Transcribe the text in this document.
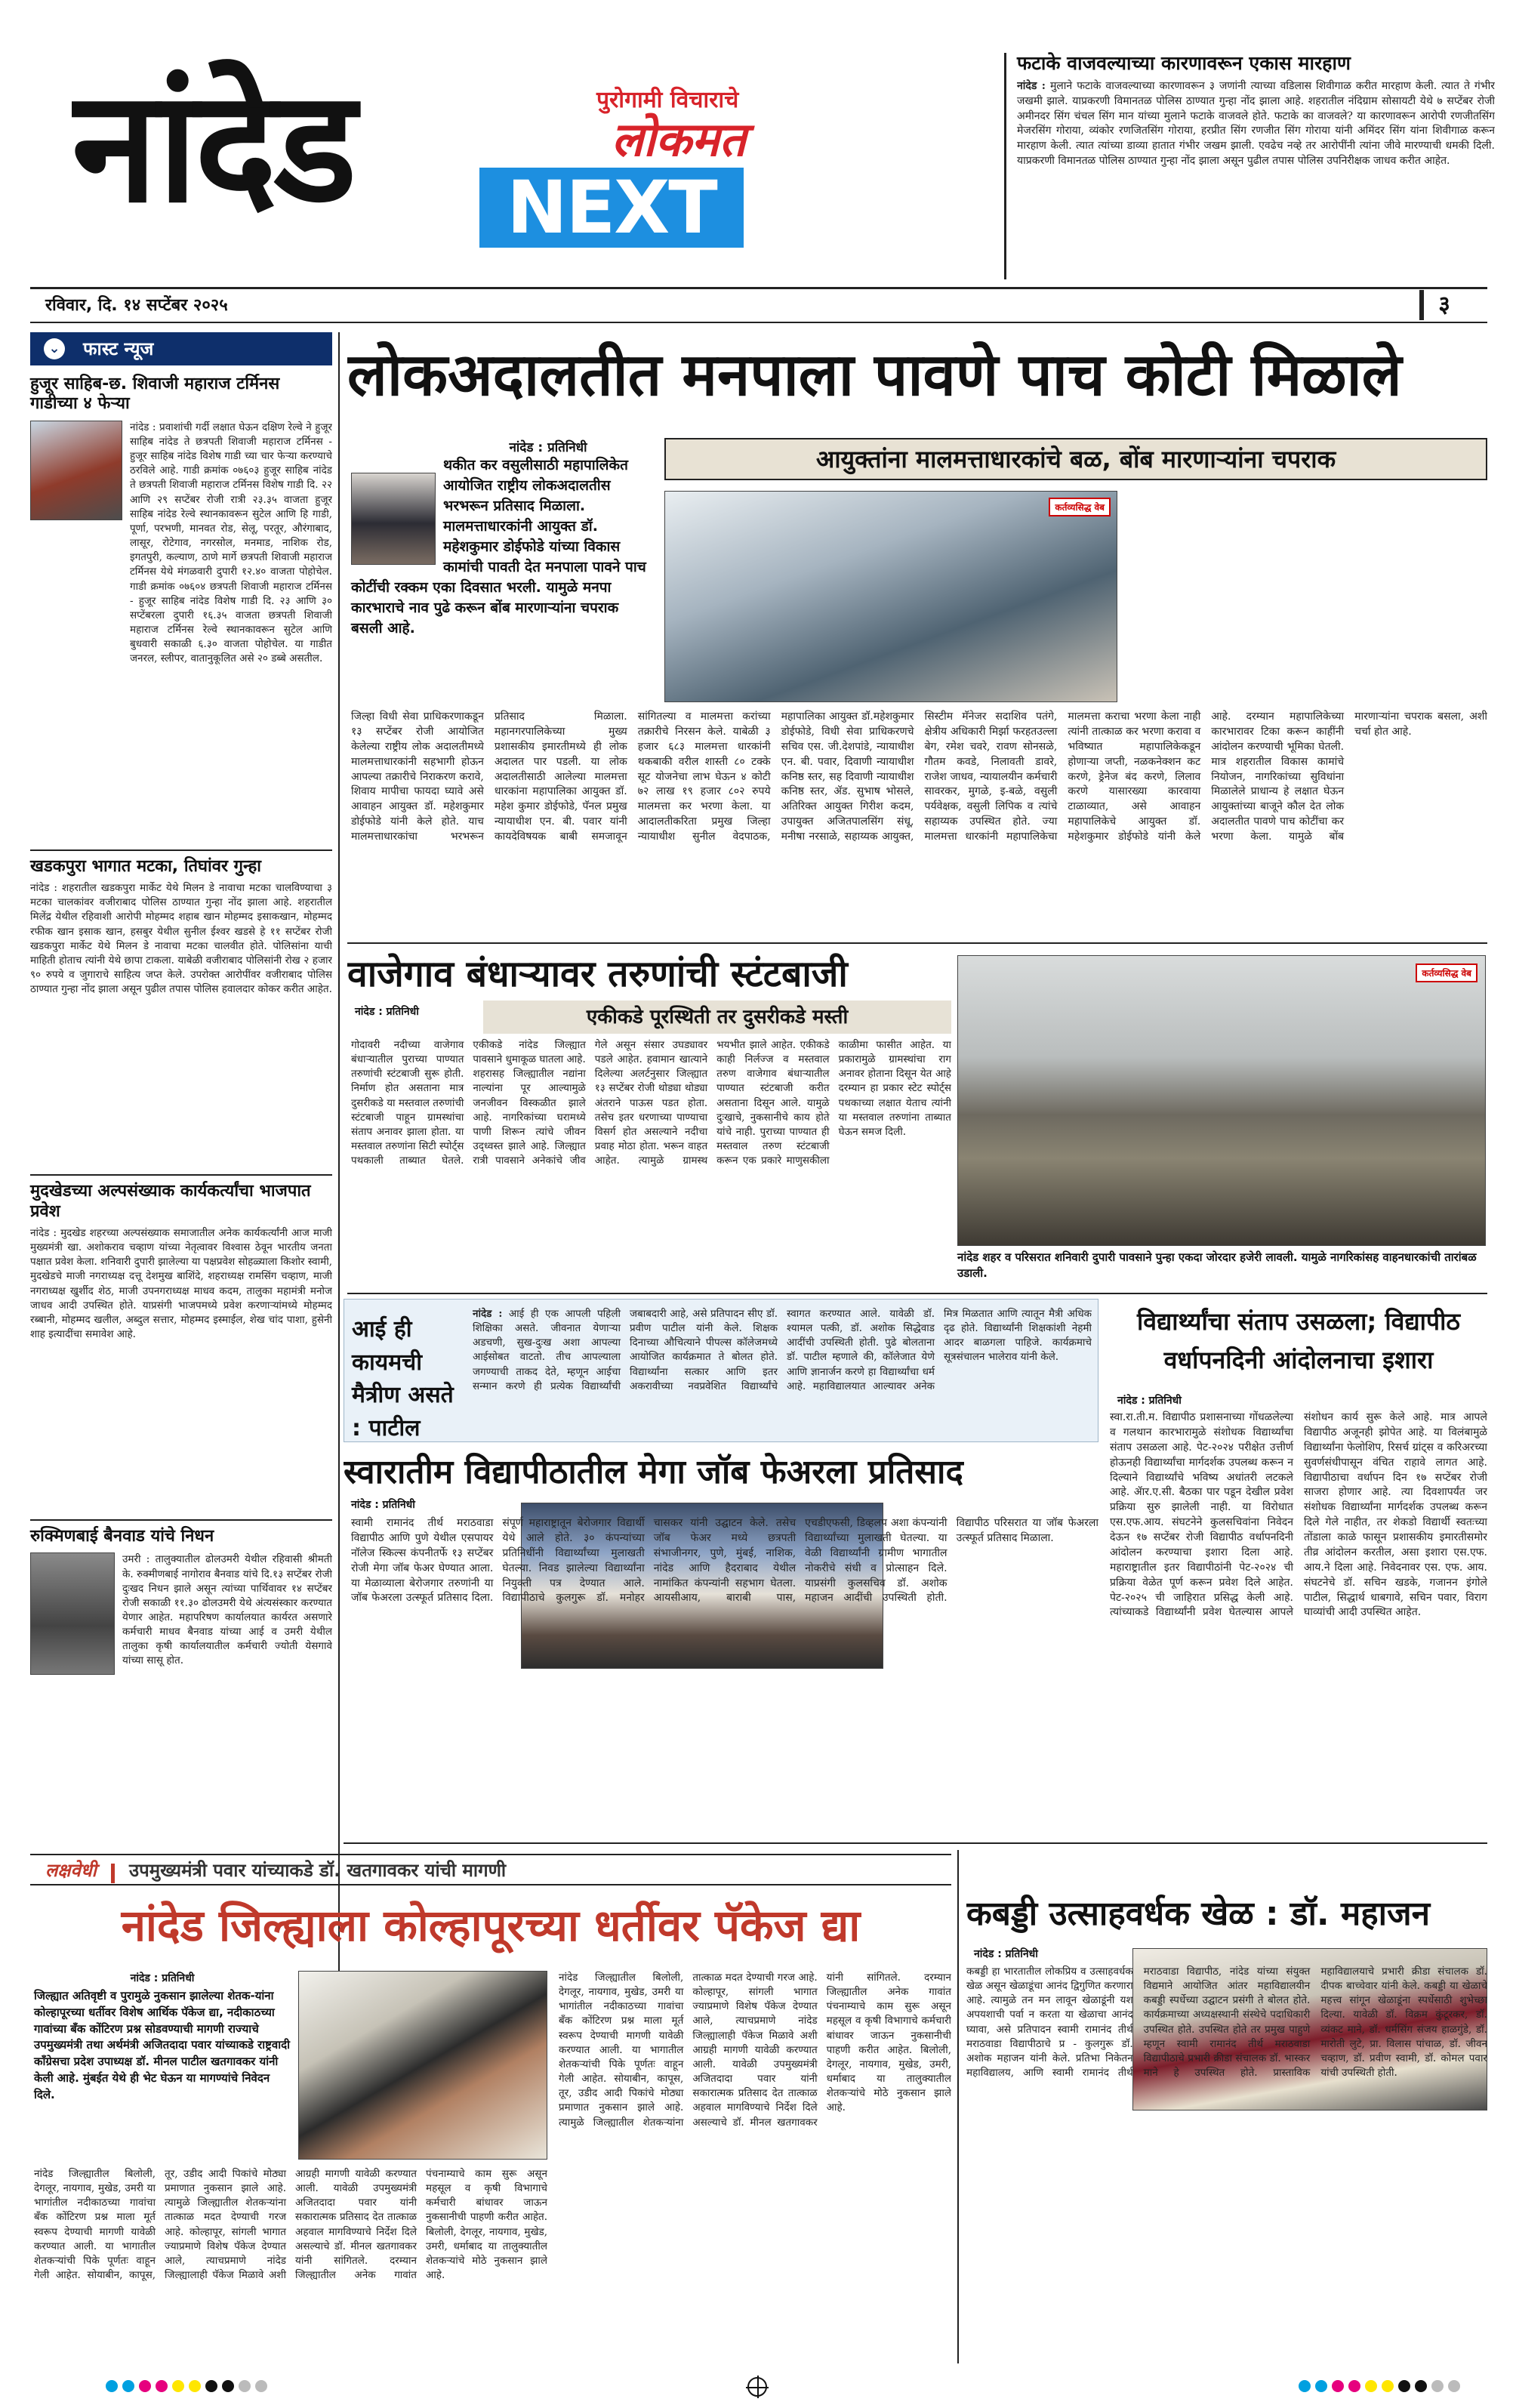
नांदेड	पुरोगामी विचाराचे
लोकमत
NEXT
फटाके वाजवल्याच्या कारणावरून एकास मारहाण
नांदेड : मुलाने फटाके वाजवल्याच्या कारणावरून ३ जणांनी त्याच्या वडिलास शिवीगाळ करीत मारहाण केली. त्यात ते गंभीर जखमी झाले. याप्रकरणी विमानतळ पोलिस ठाण्यात गुन्हा नोंद झाला आहे. शहरातील नंदिग्राम सोसायटी येथे ७ सप्टेंबर रोजी अमीनदर सिंग चंचल सिंग मान यांच्या मुलाने फटाके वाजवले होते. फटाके का वाजवले? या कारणावरून आरोपी रणजीतसिंग मेजरसिंग गोराया, व्यंकोर रणजितसिंग गोराया, हरप्रीत सिंग रणजीत सिंग गोराया यांनी अमिंदर सिंग यांना शिवीगाळ करून मारहाण केली. त्यात त्यांच्या डाव्या हातात गंभीर जखम झाली. एवढेच नव्हे तर आरोपींनी त्यांना जीवे मारण्याची धमकी दिली. याप्रकरणी विमानतळ पोलिस ठाण्यात गुन्हा नोंद झाला असून पुढील तपास पोलिस उपनिरीक्षक जाधव करीत आहेत.
रविवार, दि. १४ सप्टेंबर २०२५	३
⌄ फास्ट न्यूज
हुजूर साहिब-छ. शिवाजी महाराज टर्मिनस गाडीच्या ४ फेऱ्या
नांदेड : प्रवाशांची गर्दी लक्षात घेऊन दक्षिण रेल्वे ने हुजूर साहिब नांदेड ते छत्रपती शिवाजी महाराज टर्मिनस - हुजूर साहिब नांदेड विशेष गाडी च्या चार फेऱ्या करण्याचे ठरविले आहे. गाडी क्रमांक ०७६०३ हुजूर साहिब नांदेड ते छत्रपती शिवाजी महाराज टर्मिनस विशेष गाडी दि. २२ आणि २९ सप्टेंबर रोजी रात्री २३.३५ वाजता हुजूर साहिब नांदेड रेल्वे स्थानकावरून सुटेल आणि हि गाडी, पूर्णा, परभणी, मानवत रोड, सेलू, परतूर, औरंगाबाद, लासूर, रोटेगाव, नगरसोल, मनमाड, नाशिक रोड, इगतपुरी, कल्याण, ठाणे मार्गे छत्रपती शिवाजी महाराज टर्मिनस येथे मंगळवारी दुपारी १२.४० वाजता पोहोचेल. गाडी क्रमांक ०७६०४ छत्रपती शिवाजी महाराज टर्मिनस - हुजूर साहिब नांदेड विशेष गाडी दि. २३ आणि ३० सप्टेंबरला दुपारी १६.३५ वाजता छत्रपती शिवाजी महाराज टर्मिनस रेल्वे स्थानकावरून सुटेल आणि बुधवारी सकाळी ६.३० वाजता पोहोचेल. या गाडीत जनरल, स्लीपर, वातानुकूलित असे २० डब्बे असतील.
खडकपुरा भागात मटका, तिघांवर गुन्हा
नांदेड : शहरातील खडकपुरा मार्केट येथे मिलन डे नावाचा मटका चालविण्याचा ३ मटका चालकांवर वजीराबाद पोलिस ठाण्यात गुन्हा नोंद झाला आहे. शहरातील मिलेंद्र येथील रहिवाशी आरोपी मोहम्मद शहाब खान मोहम्मद इसाकखान, मोहम्मद रफीक खान इसाक खान, हसबुर येथील सुनील ईश्वर खडसे हे ११ सप्टेंबर रोजी खडकपुरा मार्केट येथे मिलन डे नावाचा मटका चालवीत होते. पोलिसांना याची माहिती होताच त्यांनी येथे छापा टाकला. याबेळी वजीराबाद पोलिसांनी रोख २ हजार ९० रुपये व जुगाराचे साहित्य जप्त केले. उपरोक्त आरोपींवर वजीराबाद पोलिस ठाण्यात गुन्हा नोंद झाला असून पुढील तपास पोलिस हवालदार कोकर करीत आहेत.
मुदखेडच्या अल्पसंख्याक कार्यकर्त्यांचा भाजपात प्रवेश
नांदेड : मुदखेड शहरच्या अल्पसंख्याक समाजातील अनेक कार्यकर्त्यांनी आज माजी मुख्यमंत्री खा. अशोकराव चव्हाण यांच्या नेतृत्वावर विश्वास ठेवून भारतीय जनता पक्षात प्रवेश केला. शनिवारी दुपारी झालेल्या या पक्षप्रवेश सोहळ्याला किशोर स्वामी, मुदखेडचे माजी नगराध्यक्ष दत्तू देशमुख बाशिंदे, शहराध्यक्ष रामसिंग चव्हाण, माजी नगराध्यक्ष खुर्शीद शेठ, माजी उपनगराध्यक्ष माधव कदम, तालुका महामंत्री मनोज जाधव आदी उपस्थित होते. याप्रसंगी भाजपमध्ये प्रवेश करणाऱ्यांमध्ये मोहम्मद रब्बानी, मोहम्मद खलील, अब्दुल सत्तार, मोहम्मद इस्माईल, शेख चांद पाशा, हुसेनी शाह इत्यादींचा समावेश आहे.
रुक्मिणबाई बैनवाड यांचे निधन
उमरी : तालुक्यातील ढोलउमरी येथील रहिवासी श्रीमती के. रुक्मीणबाई नागोराव बैनवाड यांचे दि.१३ सप्टेंबर रोजी दुःखद निधन झाले असून त्यांच्या पार्थिवावर १४ सप्टेंबर रोजी सकाळी ११.३० ढोलउमरी येथे अंत्यसंस्कार करण्यात येणार आहेत. महापरिषण कार्यालयात कार्यरत असणारे कर्मचारी माधव बैनवाड यांच्या आई व उमरी येथील तालुका कृषी कार्यालयातील कर्मचारी ज्योती येसगावे यांच्या सासू होत.
लोकअदालतीत मनपाला पावणे पाच कोटी मिळाले
नांदेड : प्रतिनिधी
थकीत कर वसुलीसाठी महापालिकेत आयोजित राष्ट्रीय लोकअदालतीस भरभरून प्रतिसाद मिळाला. मालमत्ताधारकांनी आयुक्त डॉ. महेशकुमार डोईफोडे यांच्या विकास कामांची पावती देत मनपाला पावने पाच कोटींची रक्कम एका दिवसात भरली. यामुळे मनपा कारभाराचे नाव पुढे करून बोंब मारणाऱ्यांना चपराक बसली आहे.
आयुक्तांना मालमत्ताधारकांचे बळ, बोंब मारणाऱ्यांना चपराक
कर्तव्यसिद्ध वेब
जिल्हा विधी सेवा प्राधिकरणाकडून १३ सप्टेंबर रोजी आयोजित केलेल्या राष्ट्रीय लोक अदालतीमध्ये मालमत्ताधारकांनी सहभागी होऊन आपल्या तक्रारीचे निराकरण करावे, शिवाय मापीचा फायदा घ्यावे असे आवाहन आयुक्त डॉ. महेशकुमार डोईफोडे यांनी केले होते. याच मालमत्ताधारकांचा भरभरून प्रतिसाद मिळाला. महानगरपालिकेच्या मुख्य प्रशासकीय इमारतीमध्ये ही लोक अदालत पार पडली. या लोक अदालतीसाठी आलेल्या मालमत्ता धारकांना महापालिका आयुक्त डॉ. महेश कुमार डोईफोडे, पॅनल प्रमुख न्यायाधीश एन. बी. पवार यांनी कायदेविषयक बाबी समजावून सांगितल्या व मालमत्ता करांच्या तक्रारीचे निरसन केले. याबेळी ३ हजार ६८३ मालमत्ता धारकांनी थकबाकी वरील शास्ती ८० टक्के सूट योजनेचा लाभ घेऊन ४ कोटी ७२ लाख १९ हजार ८०२ रुपये मालमत्ता कर भरणा केला. या आदालतीकरिता प्रमुख जिल्हा न्यायाधीश सुनील वेदपाठक, महापालिका आयुक्त डॉ.महेशकुमार डोईफोडे, विधी सेवा प्राधिकरणचे सचिव एस. जी.देशपांडे, न्यायाधीश एन. बी. पवार, दिवाणी न्यायाधीश कनिष्ठ स्तर, सह दिवाणी न्यायाधीश कनिष्ठ स्तर, ॲड. सुभाष भोसले, अतिरिक्त आयुक्त गिरीश कदम, उपायुक्त अजितपालसिंग संधू, मनीषा नरसाळे, सहाय्यक आयुक्त, सिस्टीम मॅनेजर सदाशिव पतंगे, क्षेत्रीय अधिकारी मिर्झा फरहतउल्ला बेग, रमेश चवरे, रावण सोनसळे, गौतम कवडे, निलावती डावरे, राजेश जाधव, न्यायालयीन कर्मचारी सावरकर, मुगळे, इ-बळे, वसुली पर्यवेक्षक, वसुली लिपिक व त्यांचे सहाय्यक उपस्थित होते. ज्या मालमत्ता धारकांनी महापालिकेचा मालमत्ता कराचा भरणा केला नाही त्यांनी तात्काळ कर भरणा करावा व भविष्यात महापालिकेकडून होणाऱ्या जप्ती, नळकनेक्शन कट करणे, ड्रेनेज बंद करणे, लिलाव करणे यासारख्या कारवाया टाळाव्यात, असे आवाहन महापालिकेचे आयुक्त डॉ. महेशकुमार डोईफोडे यांनी केले आहे. दरम्यान महापालिकेच्या कारभारावर टिका करून काहींनी आंदोलन करण्याची भूमिका घेतली. मात्र शहरातील विकास कामांचे नियोजन, नागरिकांच्या सुविधांना मिळालेले प्राधान्य हे लक्षात घेऊन आयुक्तांच्या बाजूने कौल देत लोक अदालतीत पावणे पाच कोटींचा कर भरणा केला. यामुळे बोंब मारणाऱ्यांना चपराक बसला, अशी चर्चा होत आहे.
वाजेगाव बंधाऱ्यावर तरुणांची स्टंटबाजी
नांदेड : प्रतिनिधी	एकीकडे पूरस्थिती तर दुसरीकडे मस्ती
गोदावरी नदीच्या वाजेगाव बंधाऱ्यातील पुराच्या पाण्यात तरुणांची स्टंटबाजी सुरू होती. निर्माण होत असताना मात्र दुसरीकडे या मस्तवाल तरुणांची स्टंटबाजी पाहून ग्रामस्थांचा संताप अनावर झाला होता. या मस्तवाल तरुणांना सिटी स्पोर्ट्स पथकाली ताब्यात घेतले. एकीकडे नांदेड जिल्ह्यात पावसाने धुमाकूळ घातला आहे. शहरासह जिल्ह्यातील नद्यांना नाल्यांना पूर आल्यामुळे जनजीवन विस्कळीत झाले आहे. नागरिकांच्या घरामध्ये पाणी शिरून त्यांचे जीवन उद्ध्वस्त झाले आहे. जिल्ह्यात रात्री पावसाने अनेकांचे जीव गेले असून संसार उघड्यावर पडले आहेत. हवामान खात्याने दिलेल्या अलर्टनुसार जिल्ह्यात १३ सप्टेंबर रोजी थोड्या थोड्या अंतराने पाऊस पडत होता. तसेच इतर धरणाच्या पाण्याचा विसर्ग होत असल्याने नदीचा प्रवाह मोठा होता. भरून वाहत आहेत. त्यामुळे ग्रामस्थ भयभीत झाले आहेत. एकीकडे काही निर्लज्ज व मस्तवाल तरुण वाजेगाव बंधाऱ्यातील पाण्यात स्टंटबाजी करीत असताना दिसून आले. यामुळे दुःखाचे, नुकसानीचे काय होते यांचे नाही. पुराच्या पाण्यात ही मस्तवाल तरुण स्टंटबाजी करून एक प्रकारे माणुसकीला काळीमा फासीत आहेत. या प्रकारामुळे ग्रामस्थांचा राग अनावर होताना दिसून येत आहे दरम्यान हा प्रकार स्टेट स्पोर्ट्स पथकाच्या लक्षात येताच त्यांनी या मस्तवाल तरुणांना ताब्यात घेऊन समज दिली.
कर्तव्यसिद्ध वेब
नांदेड शहर व परिसरात शनिवारी दुपारी पावसाने पुन्हा एकदा जोरदार हजेरी लावली. यामुळे नागरिकांसह वाहनधारकांची तारांबळ उडाली.
आई ही कायमची मैत्रीण असते : पाटील
नांदेड : आई ही एक आपली पहिली शिक्षिका असते. जीवनात येणाऱ्या अडचणी, सुख-दुःख अशा आपल्या आईसोबत वाटतो. तीच आपल्याला जगण्याची ताकद देते, म्हणून आईचा सन्मान करणे ही प्रत्येक विद्यार्थ्यांची जबाबदारी आहे, असे प्रतिपादन सीए डॉ. प्रवीण पाटील यांनी केले. शिक्षक दिनाच्या औचित्याने पीपल्स कॉलेजमध्ये आयोजित कार्यक्रमात ते बोलत होते. विद्यार्थ्यांना सत्कार आणि इतर अकरावीच्या नवप्रवेशित विद्यार्थ्यांचे स्वागत करण्यात आले. यावेळी डॉ. श्यामल पत्की, डॉ. अशोक सिद्धेवाड आदींची उपस्थिती होती. पुढे बोलताना डॉ. पाटील म्हणाले की, कॉलेजात येणे आणि ज्ञानार्जन करणे हा विद्यार्थ्यांचा धर्म आहे. महाविद्यालयात आल्यावर अनेक मित्र मिळतात आणि त्यातून मैत्री अधिक दृढ होते. विद्यार्थ्यांनी शिक्षकांशी नेहमी आदर बाळगला पाहिजे. कार्यक्रमाचे सूत्रसंचालन भालेराव यांनी केले.
विद्यार्थ्यांचा संताप उसळला; विद्यापीठ वर्धापनदिनी आंदोलनाचा इशारा
नांदेड : प्रतिनिधी
स्वा.रा.ती.म. विद्यापीठ प्रशासनाच्या गोंधळलेल्या व गलथान कारभारामुळे संशोधक विद्यार्थ्यांचा संताप उसळला आहे. पेट-२०२४ परीक्षेत उत्तीर्ण होऊनही विद्यार्थ्यांचा मार्गदर्शक उपलब्ध करून न दिल्याने विद्यार्थ्यांचे भविष्य अधांतरी लटकले आहे. ॲार.ए.सी. बैठका पार पडून देखील प्रवेश प्रक्रिया सुरु झालेली नाही. या विरोधात एस.एफ.आय. संघटनेने कुलसचिवांना निवेदन देऊन १७ सप्टेंबर रोजी विद्यापीठ वर्धापनदिनी आंदोलन करण्याचा इशारा दिला आहे. महाराष्ट्रातील इतर विद्यापीठांनी पेट-२०२४ ची प्रक्रिया वेळेत पूर्ण करून प्रवेश दिले आहेत. पेट-२०२५ ची जाहिरात प्रसिद्ध केली आहे. त्यांच्याकडे विद्यार्थ्यांनी प्रवेश घेतल्यास आपले संशोधन कार्य सुरू केले आहे. मात्र आपले विद्यापीठ अजूनही झोपेत आहे. या विलंबामुळे विद्यार्थ्यांना फेलोशिप, रिसर्च ग्रांट्स व करिअरच्या सुवर्णसंधीपासून वंचित राहावे लागत आहे. विद्यापीठाचा वर्धापन दिन १७ सप्टेंबर रोजी साजरा होणार आहे. त्या दिवशापर्यंत जर संशोधक विद्यार्थ्यांना मार्गदर्शक उपलब्ध करून दिले गेले नाहीत, तर शेकडो विद्यार्थी स्वतःच्या तोंडाला काळे फासून प्रशासकीय इमारतीसमोर तीव्र आंदोलन करतील, असा इशारा एस.एफ. आय.ने दिला आहे. निवेदनावर एस. एफ. आय. संघटनेचे डॉ. सचिन खडके, गजानन इंगोले पाटील, सिद्धार्थ धाबगावे, सचिन पवार, विराग घाव्यांची आदी उपस्थित आहेत.
स्वारातीम विद्यापीठातील मेगा जॉब फेअरला प्रतिसाद
नांदेड : प्रतिनिधी
स्वामी रामानंद तीर्थ मराठवाडा विद्यापीठ आणि पुणे येथील एसपायर नॉलेज स्किल्स कंपनीतर्फे १३ सप्टेंबर रोजी मेगा जॉब फेअर घेण्यात आला. या मेळाव्याला बेरोजगार तरुणांनी या जॉब फेअरला उत्स्फूर्त प्रतिसाद दिला. संपूर्ण महाराष्ट्रातून बेरोजगार विद्यार्थी येथे आले होते. ३० कंपन्यांच्या प्रतिनिधींनी विद्यार्थ्यांच्या मुलाखती घेतल्या. निवड झालेल्या विद्यार्थ्यांना नियुक्ती पत्र देण्यात आले. विद्यापीठाचे कुलगुरू डॉ. मनोहर चासकर यांनी उद्घाटन केले. तसेच जॉब फेअर मध्ये छत्रपती संभाजीनगर, पुणे, मुंबई, नाशिक, नांदेड आणि हैदराबाद येथील नामांकित कंपन्यांनी सहभाग घेतला. आयसीआय, बाराबी पास, एचडीएफसी, डिव्हलप अशा कंपन्यांनी विद्यार्थ्यांच्या मुलाखती घेतल्या. या वेळी विद्यार्थ्यांनी ग्रामीण भागातील नोकरीचे संधी व प्रोत्साहन दिले. याप्रसंगी कुलसचिव डॉ. अशोक महाजन आदींची उपस्थिती होती. विद्यापीठ परिसरात या जॉब फेअरला उत्स्फूर्त प्रतिसाद मिळाला.
लक्षवेधी उपमुख्यमंत्री पवार यांच्याकडे डॉ. खतगावकर यांची मागणी
नांदेड जिल्ह्याला कोल्हापूरच्या धर्तीवर पॅकेज द्या
नांदेड : प्रतिनिधी
जिल्ह्यात अतिवृष्टी व पुरामुळे नुकसान झालेल्या शेतक-यांना कोल्हापूरच्या धर्तीवर विशेष आर्थिक पॅकेज द्या, नदीकाठच्या गावांच्या बँक कोंटिरण प्रश्न सोडवण्याची मागणी राज्याचे उपमुख्यमंत्री तथा अर्थमंत्री अजितदादा पवार यांच्याकडे राष्ट्रवादी काँग्रेसचा प्रदेश उपाध्यक्ष डॉ. मीनल पाटील खतगावकर यांनी केली आहे. मुंबईत येथे ही भेट घेऊन या मागण्यांचे निवेदन दिले.
नांदेड जिल्ह्यातील बिलोली, देगलूर, नायगाव, मुखेड, उमरी या भागांतील नदीकाठच्या गावांचा बँक कोंटिरण प्रश्न माला मूर्त स्वरूप देण्याची मागणी यावेळी करण्यात आली. या भागातील शेतकऱ्यांची पिके पूर्णतः वाहून गेली आहेत. सोयाबीन, कापूस, तूर, उडीद आदी पिकांचे मोठ्या प्रमाणात नुकसान झाले आहे. त्यामुळे जिल्ह्यातील शेतकऱ्यांना तात्काळ मदत देण्याची गरज आहे. कोल्हापूर, सांगली भागात ज्याप्रमाणे विशेष पॅकेज देण्यात आले, त्याचप्रमाणे नांदेड जिल्ह्यालाही पॅकेज मिळावे अशी आग्रही मागणी यावेळी करण्यात आली. यावेळी उपमुख्यमंत्री अजितदादा पवार यांनी सकारात्मक प्रतिसाद देत तात्काळ अहवाल मागविण्याचे निर्देश दिले असल्याचे डॉ. मीनल खतगावकर यांनी सांगितले. दरम्यान जिल्ह्यातील अनेक गावांत पंचनाम्याचे काम सुरू असून महसूल व कृषी विभागाचे कर्मचारी बांधावर जाऊन नुकसानीची पाहणी करीत आहेत. बिलोली, देगलूर, नायगाव, मुखेड, उमरी, धर्माबाद या तालुक्यातील शेतकऱ्यांचे मोठे नुकसान झाले आहे.
नांदेड जिल्ह्यातील बिलोली, देगलूर, नायगाव, मुखेड, उमरी या भागांतील नदीकाठच्या गावांचा बँक कोंटिरण प्रश्न माला मूर्त स्वरूप देण्याची मागणी यावेळी करण्यात आली. या भागातील शेतकऱ्यांची पिके पूर्णतः वाहून गेली आहेत. सोयाबीन, कापूस, तूर, उडीद आदी पिकांचे मोठ्या प्रमाणात नुकसान झाले आहे. त्यामुळे जिल्ह्यातील शेतकऱ्यांना तात्काळ मदत देण्याची गरज आहे. कोल्हापूर, सांगली भागात ज्याप्रमाणे विशेष पॅकेज देण्यात आले, त्याचप्रमाणे नांदेड जिल्ह्यालाही पॅकेज मिळावे अशी आग्रही मागणी यावेळी करण्यात आली. यावेळी उपमुख्यमंत्री अजितदादा पवार यांनी सकारात्मक प्रतिसाद देत तात्काळ अहवाल मागविण्याचे निर्देश दिले असल्याचे डॉ. मीनल खतगावकर यांनी सांगितले. दरम्यान जिल्ह्यातील अनेक गावांत पंचनाम्याचे काम सुरू असून महसूल व कृषी विभागाचे कर्मचारी बांधावर जाऊन नुकसानीची पाहणी करीत आहेत. बिलोली, देगलूर, नायगाव, मुखेड, उमरी, धर्माबाद या तालुक्यातील शेतकऱ्यांचे मोठे नुकसान झाले आहे.
कबड्डी उत्साहवर्धक खेळ : डॉ. महाजन
नांदेड : प्रतिनिधी
कबड्डी हा भारतातील लोकप्रिय व उत्साहवर्धक खेळ असून खेळाडूंचा आनंद द्विगुणित करणारा आहे. त्यामुळे तन मन लावून खेळाडूंनी यश अपयशाची पर्वा न करता या खेळाचा आनंद घ्यावा, असे प्रतिपादन स्वामी रामानंद तीर्थ मराठवाडा विद्यापीठाचे प्र - कुलगुरू डॉ. अशोक महाजन यांनी केले. प्रतिभा निकेतन महाविद्यालय, आणि स्वामी रामानंद तीर्थ मराठवाडा विद्यापीठ, नांदेड यांच्या संयुक्त विद्यमाने आयोजित आंतर महाविद्यालयीन कबड्डी स्पर्धेच्या उद्घाटन प्रसंगी ते बोलत होते. कार्यक्रमाच्या अध्यक्षस्थानी संस्थेचे पदाधिकारी उपस्थित होते. उपस्थित होते तर प्रमुख पाहुणे म्हणून स्वामी रामानंद तीर्थ मराठवाडा विद्यापीठाचे प्रभारी क्रीडा संचालक डॉ. भास्कर माने हे उपस्थित होते. प्रास्ताविक महाविद्यालयाचे प्रभारी क्रीडा संचालक डॉ. दीपक बाच्चेवार यांनी केले. कबड्डी या खेळाचे महत्त्व सांगून खेळाडूंना स्पर्धेसाठी शुभेच्छा दिल्या. यावेळी डॉ. विक्रम कुंटूरकर, डॉ. व्यंकट माने, डॉ. धर्मसिंग संजय हाळगुंडे, डॉ. मारोती लुटे, प्रा. विलास पांचाळ, डॉ. जीवन चव्हाण, डॉ. प्रवीण स्वामी, डॉ. कोमल पवार यांची उपस्थिती होती.
